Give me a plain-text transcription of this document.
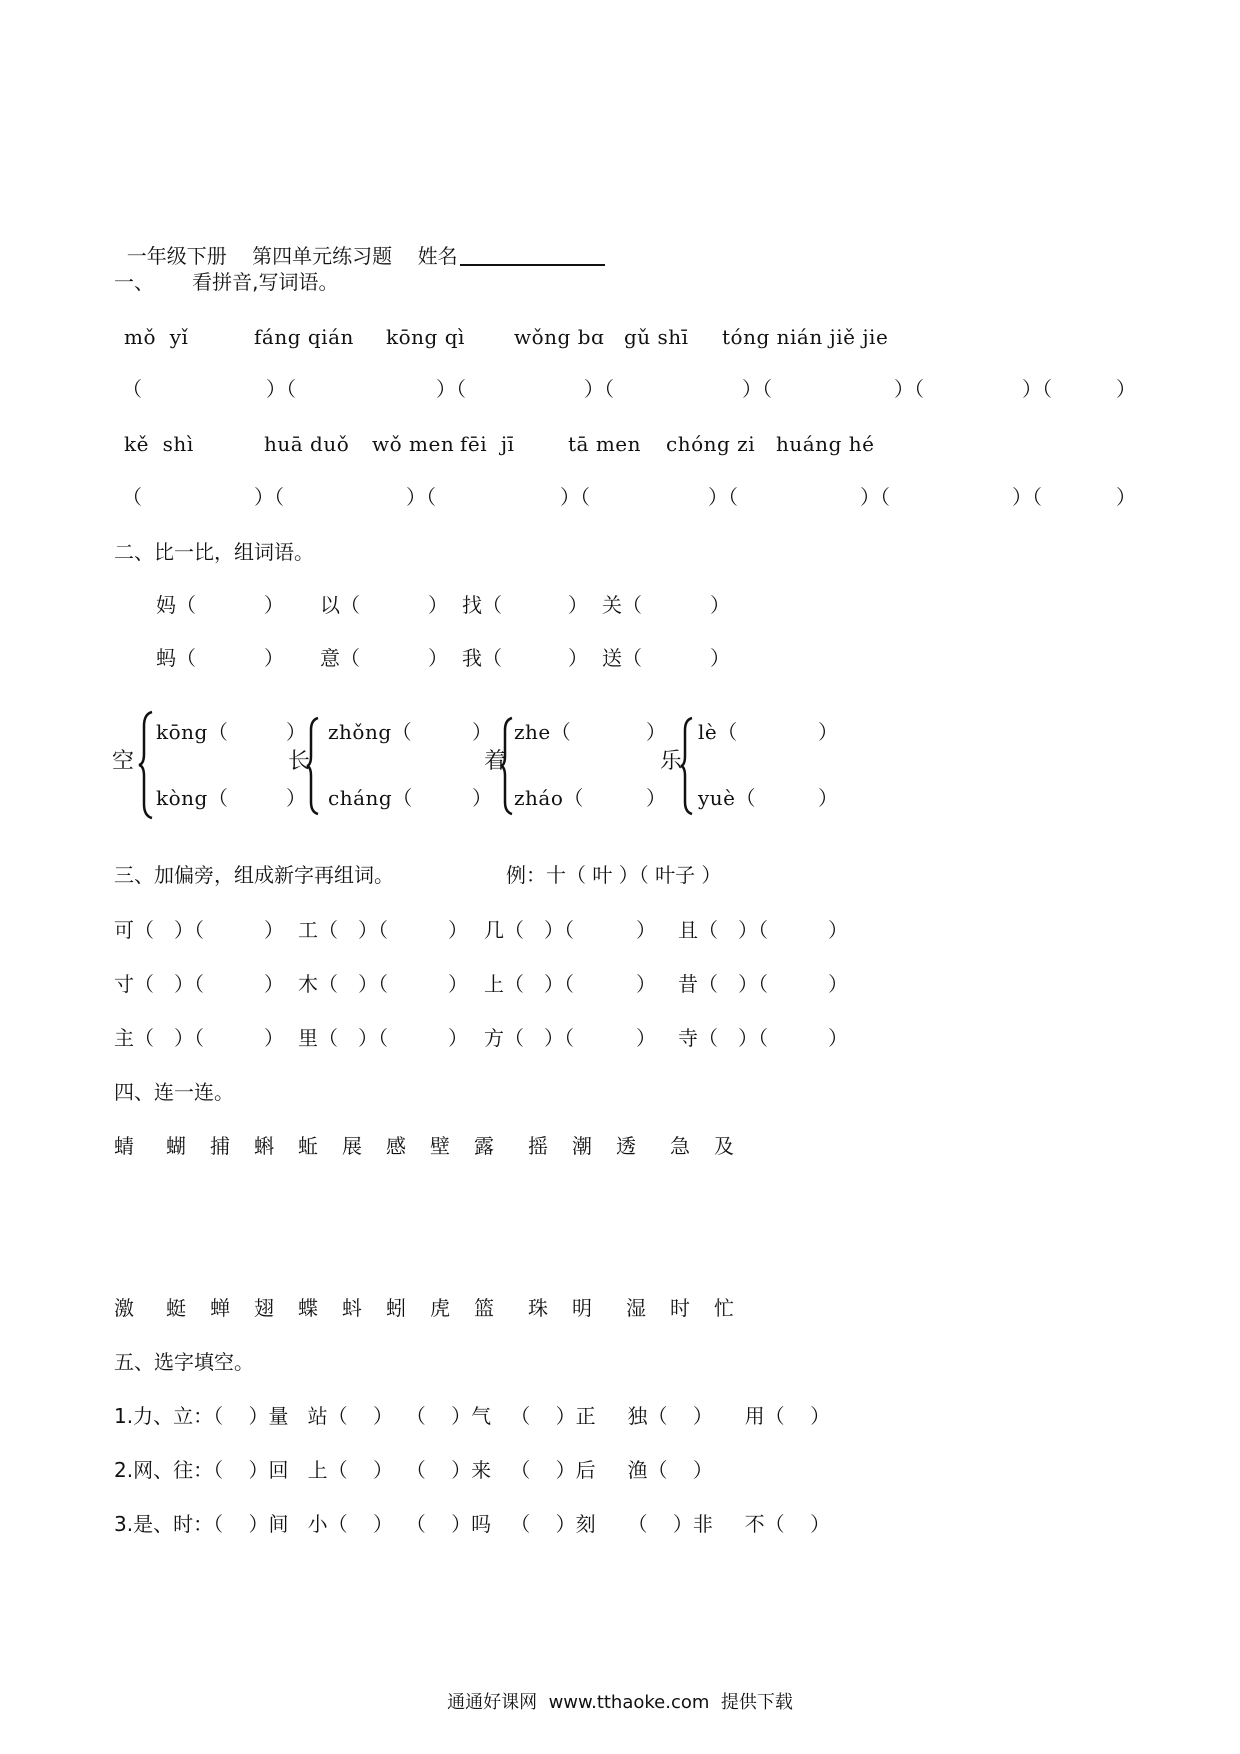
一年级下册    第四单元练习题    姓名

一、      看拼音,写词语。
mǒ  yǐ	fáng qián kōng qì wǒng bɑ gǔ shī tóng nián jiě jie
（	）（	）（	）（	）（	）（	）（	）
kě  shì	huā duǒ wǒ men fēi  jī	tā men chóng zi huáng hé
（	）（	）（	）（	）（	）（	）（	）
二、比一比，组词语。
妈（	） 以（	） 找（	） 关（	）
蚂（	） 意（	） 我（	） 送（	）
空
kōng（	）
kòng（	）
长
zhǒng（	）
cháng（	）
着
zhe（	）
zháo（	）
乐
lè（	）
yuè（	）
三、加偏旁，组成新字再组词。	例：十（ 叶 ）（ 叶子 ）
可（ ）（	） 工（ ）（	） 几（ ）（	） 且（ ）（	）
寸（ ）（	） 木（ ）（	） 上（ ）（	） 昔（ ）（	）
主（ ）（	） 里（ ）（	） 方（ ）（	） 寺（ ）（	）
四、连一连。
蜻 蝴 捕 蝌 蚯 展 感 壁 露 摇 潮 透 急 及
激 蜓 蝉 翅 蝶 蚪 蚓 虎 篮 珠 明 湿 时 忙
五、选字填空。
1.力、立：（    ）量   站（    ）  （    ）气   （    ）正     独（    ）     用（    ）
2.网、往：（    ）回   上（    ）  （    ）来   （    ）后     渔（    ）
3.是、时：（    ）间   小（    ）  （    ）吗   （    ）刻     （    ）非     不（    ）
通通好课网  www.tthaoke.com  提供下载
